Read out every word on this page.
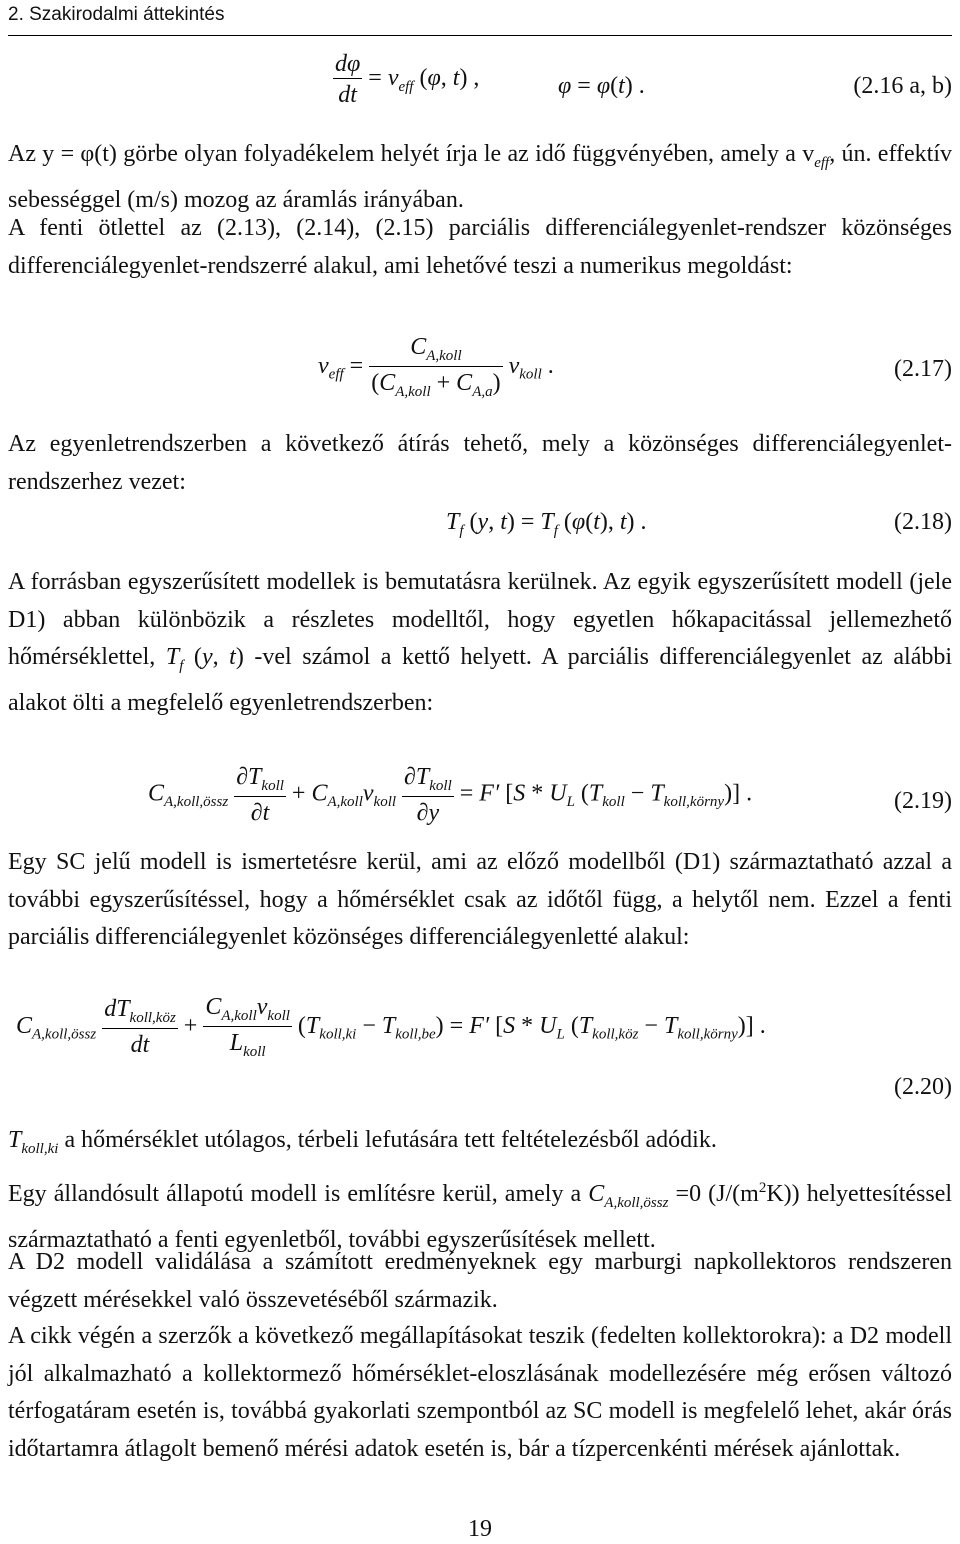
2. Szakirodalmi áttekintés
$\frac{d\varphi}{dt} = v_{eff}$ (φ, t) ,	φ = φ(t) .	(2.16 a, b)

Az y = φ(t) görbe olyan folyadékelem helyét írja le az idő függvényében, amely a $v_{eff}$, ún. effektív sebességgel (m/s) mozog az áramlás irányában.

A fenti ötlettel az (2.13), (2.14), (2.15) parciális differenciálegyenlet-rendszer közönséges differenciálegyenlet-rendszerré alakul, ami lehetővé teszi a numerikus megoldást:

$v_{eff} = \frac{C_{A,koll}}{(C_{A,koll} + C_{A,a})} v_{koll}$ .	(2.17)

Az egyenletrendszerben a következő átírás tehető, mely a közönséges differenciálegyenlet-rendszerhez vezet:

$T_f$ (y, $t) = T_f$ (φ(t), t) .	(2.18)

A forrásban egyszerűsített modellek is bemutatásra kerülnek. Az egyik egyszerűsített modell (jele D1) abban különbözik a részletes modelltől, hogy egyetlen hőkapacitással jellemezhető hőmérséklettel, $T_f$ (y, t) -vel számol a kettő helyett. A parciális differenciálegyenlet az alábbi alakot ölti a megfelelő egyenletrendszerben:

$C_{A,koll,össz} \frac{\partial T_{koll}}{\partial t} + C_{A,koll}v_{koll} \frac{\partial T_{koll}}{\partial y} = F'$ [$S * U_L$ $(T_{koll} - T_{koll,körny})$] .	(2.19)

Egy SC jelű modell is ismertetésre kerül, ami az előző modellből (D1) származtatható azzal a további egyszerűsítéssel, hogy a hőmérséklet csak az időtől függ, a helytől nem. Ezzel a fenti parciális differenciálegyenlet közönséges differenciálegyenletté alakul:

$C_{A,koll,össz} \frac{dT_{koll,köz}}{dt} + \frac{C_{A,koll}v_{koll}}{L_{koll}} (T_{koll,ki} - T_{koll,be}) = F'$ [$S * U_L$ $(T_{koll,köz} - T_{koll,körny})$] .
(2.20)

$T_{koll,ki}$ a hőmérséklet utólagos, térbeli lefutására tett feltételezésből adódik.

Egy állandósult állapotú modell is említésre kerül, amely a $C_{A,koll,össz} =0$ $(J/(m^2K))$ helyettesítéssel származtatható a fenti egyenletből, további egyszerűsítések mellett.

A D2 modell validálása a számított eredményeknek egy marburgi napkollektoros rendszeren végzett mérésekkel való összevetéséből származik.

A cikk végén a szerzők a következő megállapításokat teszik (fedelten kollektorokra): a D2 modell jól alkalmazható a kollektormező hőmérséklet-eloszlásának modellezésére még erősen változó térfogatáram esetén is, továbbá gyakorlati szempontból az SC modell is megfelelő lehet, akár órás időtartamra átlagolt bemenő mérési adatok esetén is, bár a tízpercenkénti mérések ajánlottak.

19
